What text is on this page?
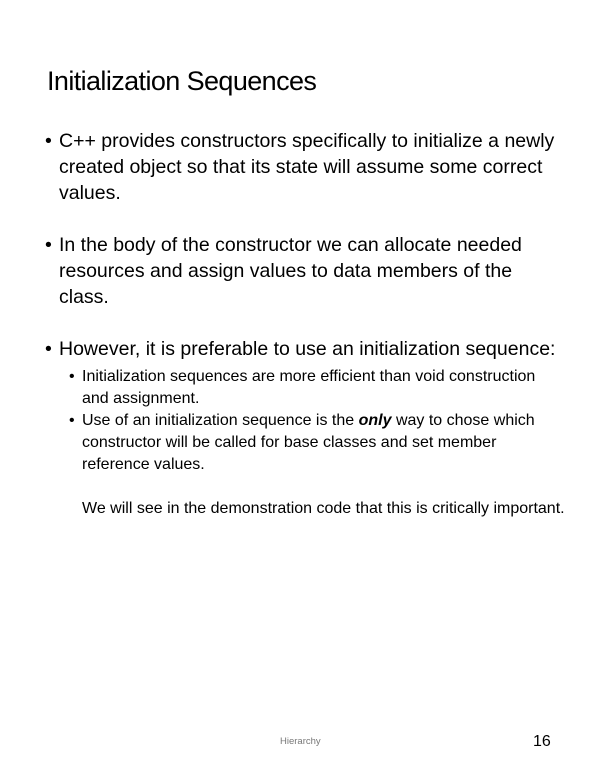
Initialization Sequences
• C++ provides constructors specifically to initialize a newly created object so that its state will assume some correct values.
• In the body of the constructor we can allocate needed resources and assign values to data members of the class.
• However, it is preferable to use an initialization sequence:
• Initialization sequences are more efficient than void construction and assignment.
• Use of an initialization sequence is the only way to chose which constructor will be called for base classes and set member reference values.
We will see in the demonstration code that this is critically important.
Hierarchy	16
